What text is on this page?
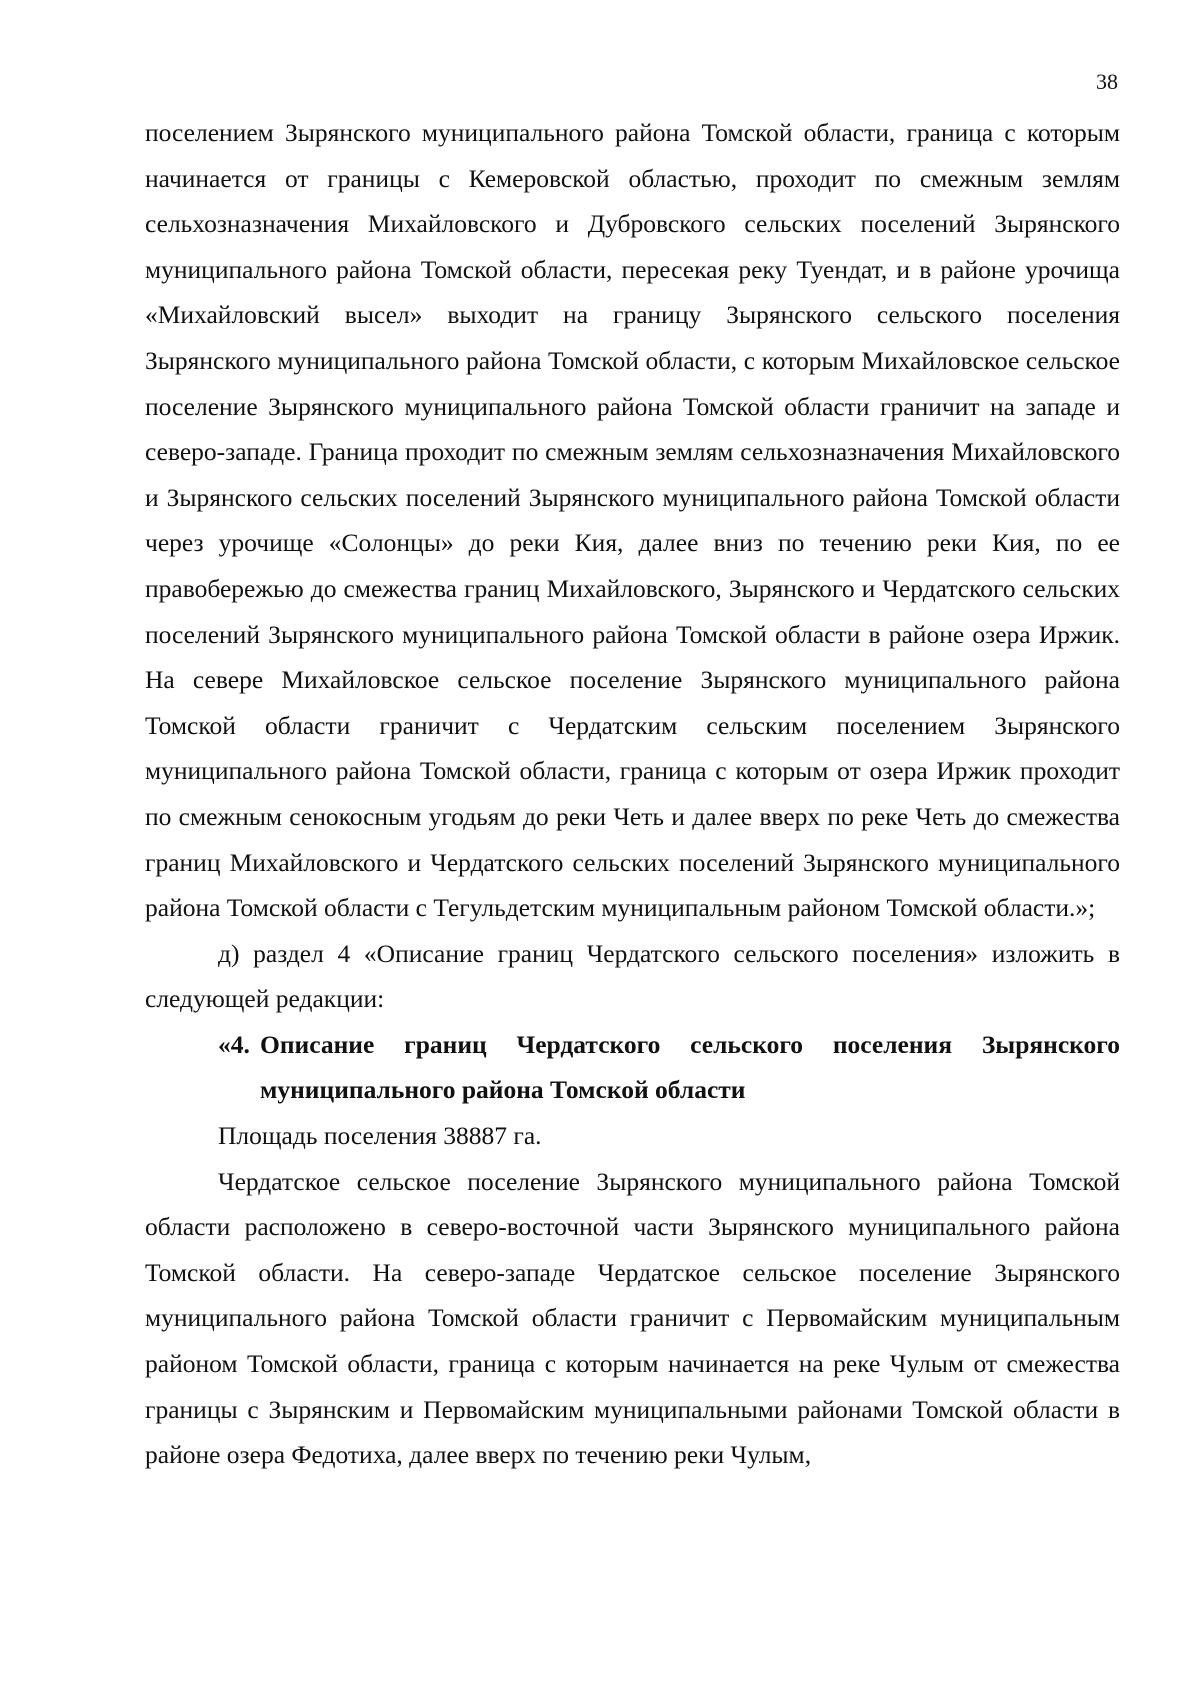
38

поселением Зырянского муниципального района Томской области, граница с которым начинается от границы с Кемеровской областью, проходит по смежным землям сельхозназначения Михайловского и Дубровского сельских поселений Зырянского муниципального района Томской области, пересекая реку Туендат, и в районе урочища «Михайловский высел» выходит на границу Зырянского сельского поселения Зырянского муниципального района Томской области, с которым Михайловское сельское поселение Зырянского муниципального района Томской области граничит на западе и северо-западе. Граница проходит по смежным землям сельхозназначения Михайловского и Зырянского сельских поселений Зырянского муниципального района Томской области через урочище «Солонцы» до реки Кия, далее вниз по течению реки Кия, по ее правобережью до смежества границ Михайловского, Зырянского и Чердатского сельских поселений Зырянского муниципального района Томской области в районе озера Иржик. На севере Михайловское сельское поселение Зырянского муниципального района Томской области граничит с Чердатским сельским поселением Зырянского муниципального района Томской области, граница с которым от озера Иржик проходит по смежным сенокосным угодьям до реки Четь и далее вверх по реке Четь до смежества границ Михайловского и Чердатского сельских поселений Зырянского муниципального района Томской области с Тегульдетским муниципальным районом Томской области.»;

д) раздел 4 «Описание границ Чердатского сельского поселения» изложить в следующей редакции:

«4. Описание границ Чердатского сельского поселения Зырянского муниципального района Томской области

Площадь поселения 38887 га.

Чердатское сельское поселение Зырянского муниципального района Томской области расположено в северо-восточной части Зырянского муниципального района Томской области. На северо-западе Чердатское сельское поселение Зырянского муниципального района Томской области граничит с Первомайским муниципальным районом Томской области, граница с которым начинается на реке Чулым от смежества границы с Зырянским и Первомайским муниципальными районами Томской области в районе озера Федотиха, далее вверх по течению реки Чулым,
